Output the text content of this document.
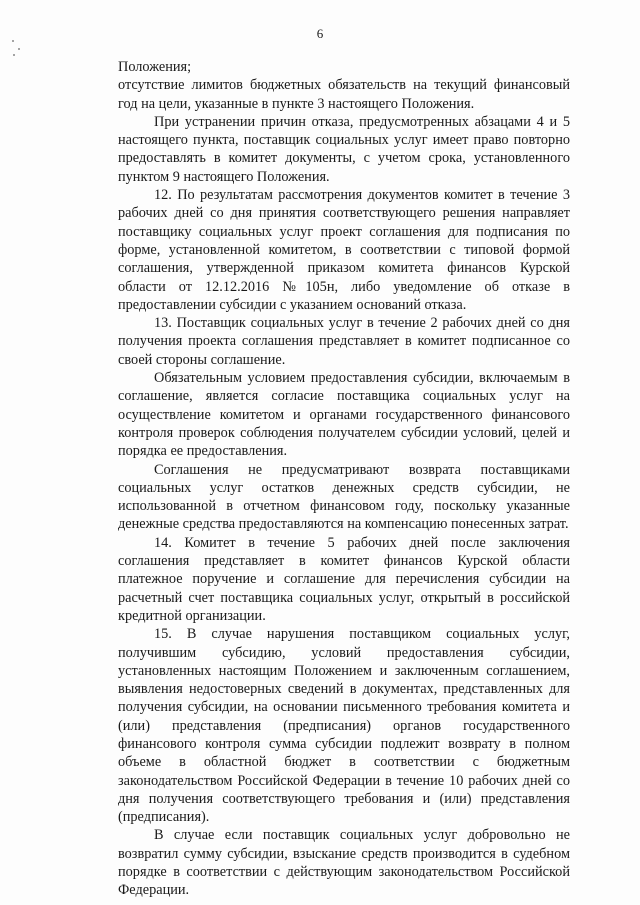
6

Положения;

отсутствие лимитов бюджетных обязательств на текущий финансовый год на цели, указанные в пункте 3 настоящего Положения.

При устранении причин отказа, предусмотренных абзацами 4 и 5 настоящего пункта, поставщик социальных услуг имеет право повторно предоставлять в комитет документы, с учетом срока, установленного пунктом 9 настоящего Положения.

12. По результатам рассмотрения документов комитет в течение 3 рабочих дней со дня принятия соответствующего решения направляет поставщику социальных услуг проект соглашения для подписания по форме, установленной комитетом, в соответствии с типовой формой соглашения, утвержденной приказом комитета финансов Курской области от 12.12.2016 №105н, либо уведомление об отказе в предоставлении субсидии с указанием оснований отказа.

13. Поставщик социальных услуг в течение 2 рабочих дней со дня получения проекта соглашения представляет в комитет подписанное со своей стороны соглашение.

Обязательным условием предоставления субсидии, включаемым в соглашение, является согласие поставщика социальных услуг на осуществление комитетом и органами государственного финансового контроля проверок соблюдения получателем субсидии условий, целей и порядка ее предоставления.

Соглашения не предусматривают возврата поставщиками социальных услуг остатков денежных средств субсидии, не использованной в отчетном финансовом году, поскольку указанные денежные средства предоставляются на компенсацию понесенных затрат.

14. Комитет в течение 5 рабочих дней после заключения соглашения представляет в комитет финансов Курской области платежное поручение и соглашение для перечисления субсидии на расчетный счет поставщика социальных услуг, открытый в российской кредитной организации.

15. В случае нарушения поставщиком социальных услуг, получившим субсидию, условий предоставления субсидии, установленных настоящим Положением и заключенным соглашением, выявления недостоверных сведений в документах, представленных для получения субсидии, на основании письменного требования комитета и (или) представления (предписания) органов государственного финансового контроля сумма субсидии подлежит возврату в полном объеме в областной бюджет в соответствии с бюджетным законодательством Российской Федерации в течение 10 рабочих дней со дня получения соответствующего требования и (или) представления (предписания).

В случае если поставщик социальных услуг добровольно не возвратил сумму субсидии, взыскание средств производится в судебном порядке в соответствии с действующим законодательством Российской Федерации.
